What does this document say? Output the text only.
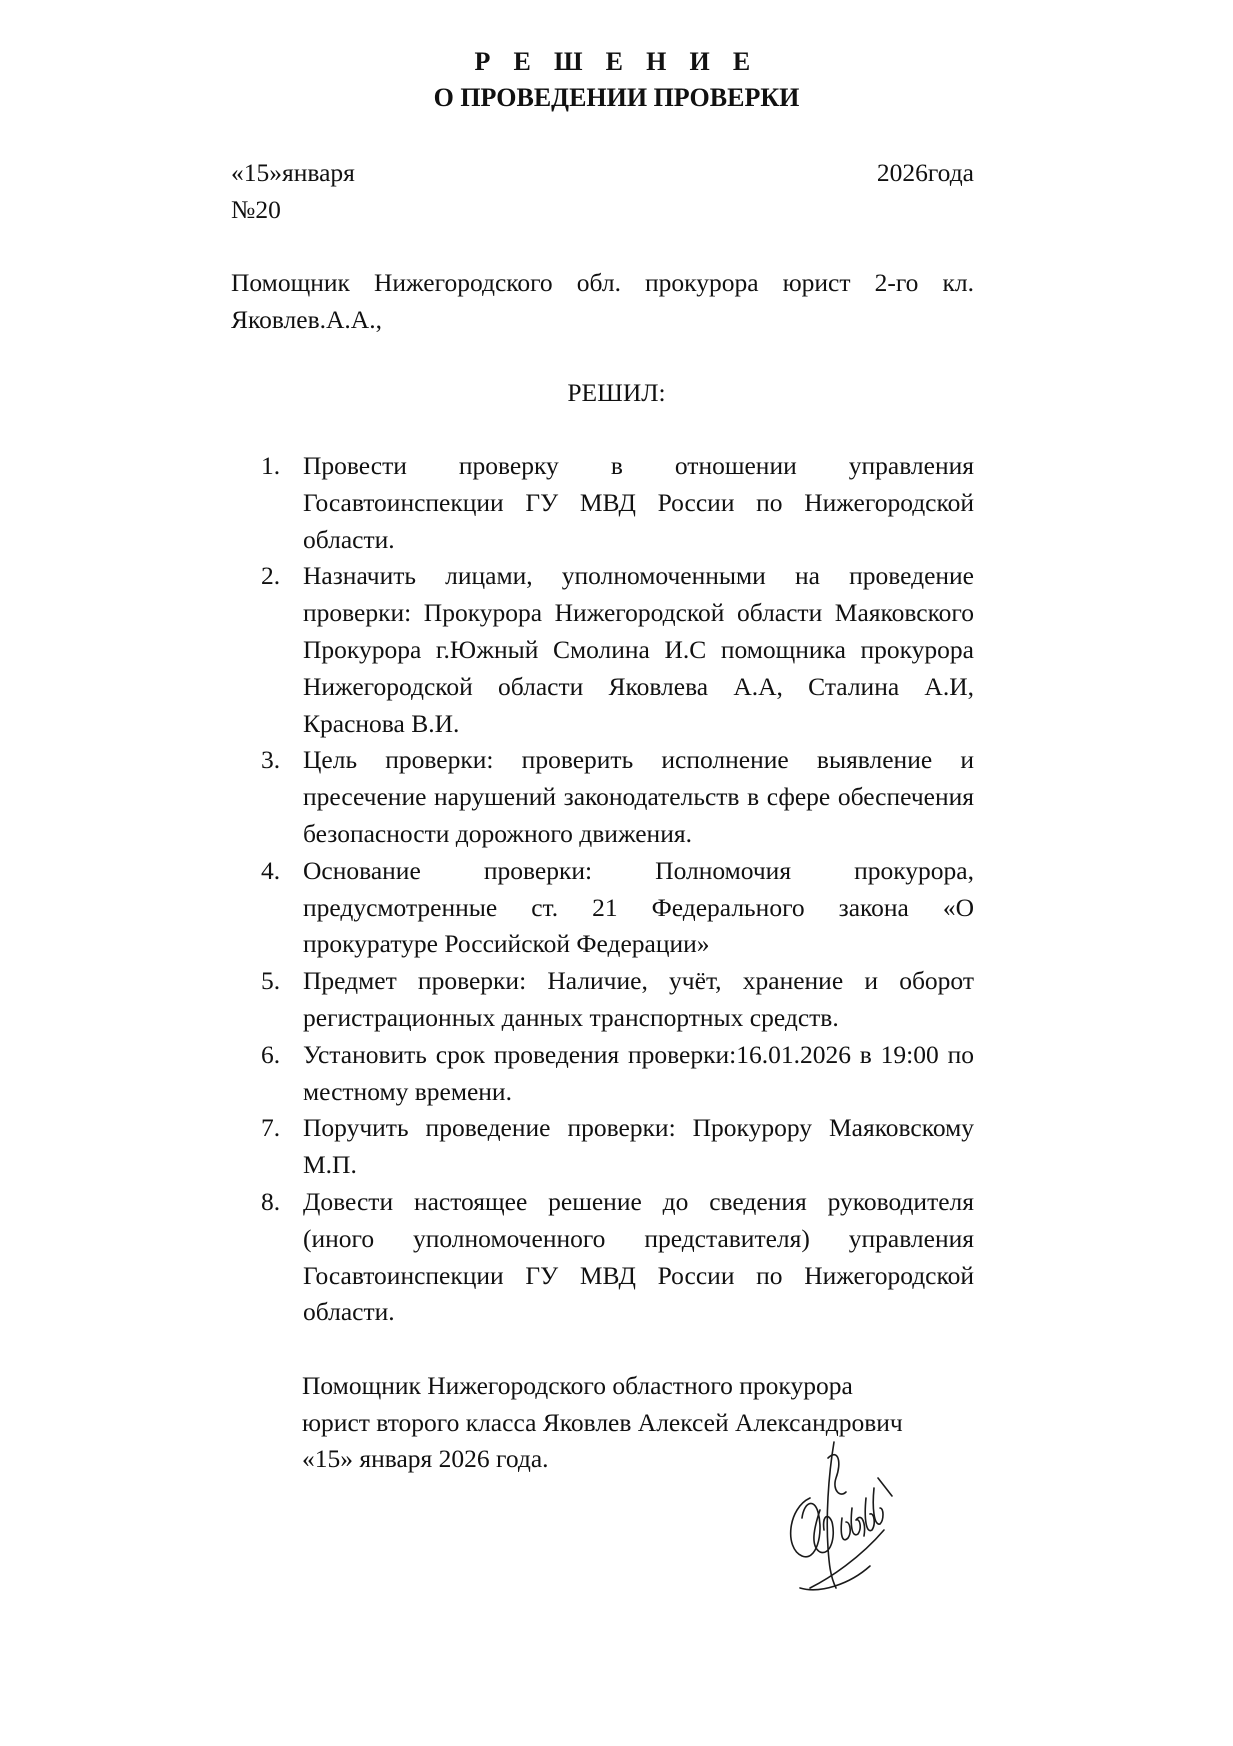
Р Е Ш Е Н И Е
О ПРОВЕДЕНИИ ПРОВЕРКИ
«15»января	2026года
№20
Помощник Нижегородского обл. прокурора юрист 2-го кл. Яковлев.А.А.,
РЕШИЛ:
1. Провести проверку в отношении управления Госавтоинспекции ГУ МВД России по Нижегородской области.
2. Назначить лицами, уполномоченными на проведение проверки: Прокурора Нижегородской области Маяковского Прокурора г.Южный Смолина И.С помощника прокурора Нижегородской области Яковлева А.А, Сталина А.И, Краснова В.И.
3. Цель проверки: проверить исполнение выявление и пресечение нарушений законодательств в сфере обеспечения безопасности дорожного движения.
4. Основание проверки: Полномочия прокурора, предусмотренные ст. 21 Федерального закона «О прокуратуре Российской Федерации»
5. Предмет проверки: Наличие, учёт, хранение и оборот регистрационных данных транспортных средств.
6. Установить срок проведения проверки:16.01.2026 в 19:00 по местному времени.
7. Поручить проведение проверки: Прокурору Маяковскому М.П.
8. Довести настоящее решение до сведения руководителя (иного уполномоченного представителя) управления Госавтоинспекции ГУ МВД России по Нижегородской области.
Помощник Нижегородского областного прокурора
юрист второго класса Яковлев Алексей Александрович
«15» января 2026 года.
